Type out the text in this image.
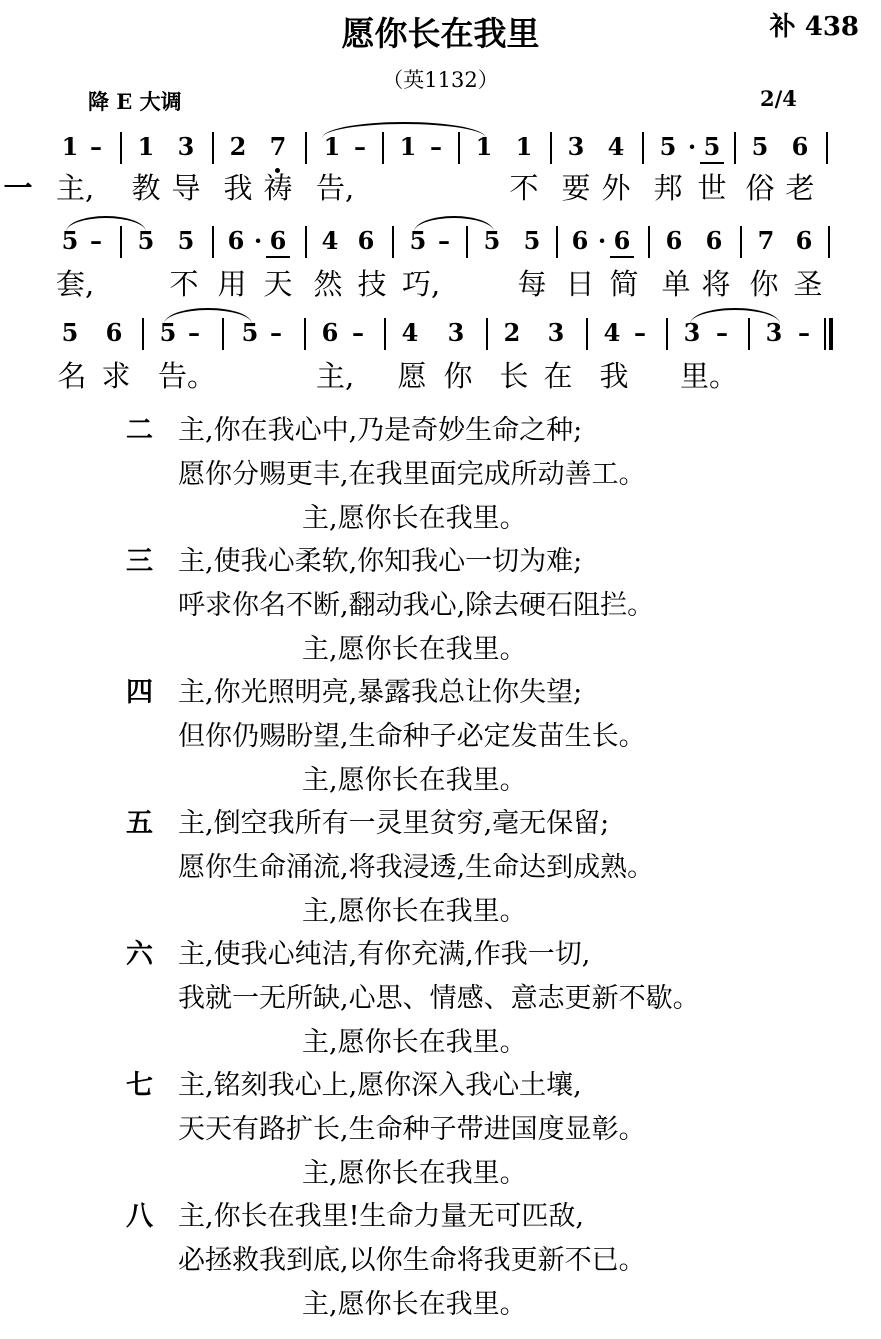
愿你长在我里	补 438
（英1132）
降 E 大调	2/4
1 – 1 3 2 7 1 – 1 – 1 1 3 4 5 · 5 5 6
一 主, 教 导 我 祷 告,	不 要 外 邦 世 俗 老
5 – 5 5 6 · 6 4 6 5 – 5 5 6 · 6 6 6 7 6
套,	不 用 天 然 技 巧,	每 日 简 单 将 你 圣
5 6 5 – 5 – 6 – 4 3 2 3 4 – 3 – 3 –
名 求 告。	主, 愿 你 长 在 我 里。
二 主,你在我心中,乃是奇妙生命之种;
愿你分赐更丰,在我里面完成所动善工。
主,愿你长在我里。
三 主,使我心柔软,你知我心一切为难;
呼求你名不断,翻动我心,除去硬石阻拦。
主,愿你长在我里。
四 主,你光照明亮,暴露我总让你失望;
但你仍赐盼望,生命种子必定发苗生长。
主,愿你长在我里。
五 主,倒空我所有一灵里贫穷,毫无保留;
愿你生命涌流,将我浸透,生命达到成熟。
主,愿你长在我里。
六 主,使我心纯洁,有你充满,作我一切,
我就一无所缺,心思、情感、意志更新不歇。
主,愿你长在我里。
七 主,铭刻我心上,愿你深入我心土壤,
天天有路扩长,生命种子带进国度显彰。
主,愿你长在我里。
八 主,你长在我里!生命力量无可匹敌,
必拯救我到底,以你生命将我更新不已。
主,愿你长在我里。
